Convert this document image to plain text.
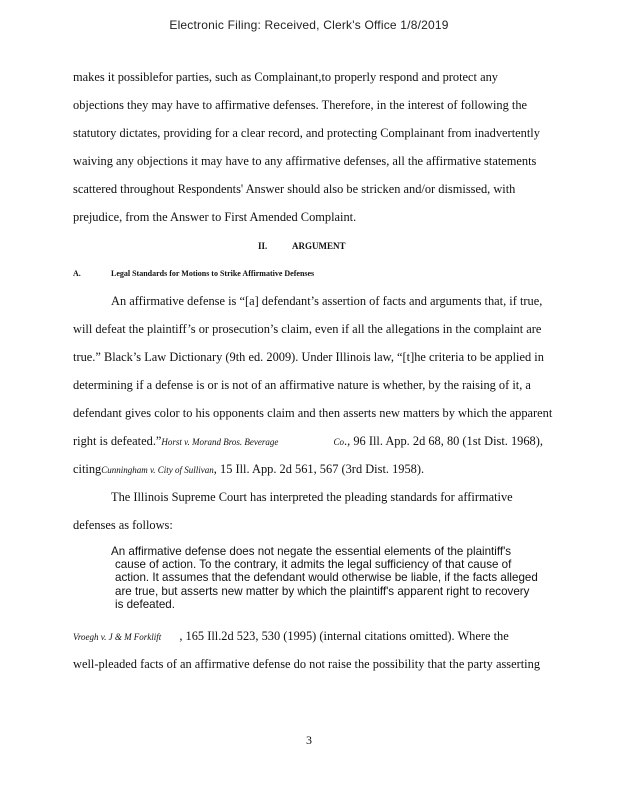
Electronic Filing: Received, Clerk's Office 1/8/2019
makes it possiblefor parties, such as Complainant,to properly respond and protect any
objections they may have to affirmative defenses. Therefore, in the interest of following the
statutory dictates, providing for a clear record, and protecting Complainant from inadvertently
waiving any objections it may have to any affirmative defenses, all the affirmative statements
scattered throughout Respondents' Answer should also be stricken and/or dismissed, with
prejudice, from the Answer to First Amended Complaint.
II.	ARGUMENT
A.	Legal Standards for Motions to Strike Affirmative Defenses
An affirmative defense is “[a] defendant’s assertion of facts and arguments that, if true,
will defeat the plaintiff’s or prosecution’s claim, even if all the allegations in the complaint are
true.” Black’s Law Dictionary (9th ed. 2009). Under Illinois law, “[t]he criteria to be applied in
determining if a defense is or is not of an affirmative nature is whether, by the raising of it, a
defendant gives color to his opponents claim and then asserts new matters by which the apparent
right is defeated.”Horst v. Morand Bros. Beverage	Co., 96 Ill. App. 2d 68, 80 (1st Dist. 1968),
citingCunningham v. City of Sullivan, 15 Ill. App. 2d 561, 567 (3rd Dist. 1958).
The Illinois Supreme Court has interpreted the pleading standards for affirmative
defenses as follows:
An affirmative defense does not negate the essential elements of the plaintiff's
cause of action. To the contrary, it admits the legal sufficiency of that cause of
action. It assumes that the defendant would otherwise be liable, if the facts alleged
are true, but asserts new matter by which the plaintiff's apparent right to recovery
is defeated.
Vroegh v. J & M Forklift , 165 Ill.2d 523, 530 (1995) (internal citations omitted). Where the
well-pleaded facts of an affirmative defense do not raise the possibility that the party asserting
3
